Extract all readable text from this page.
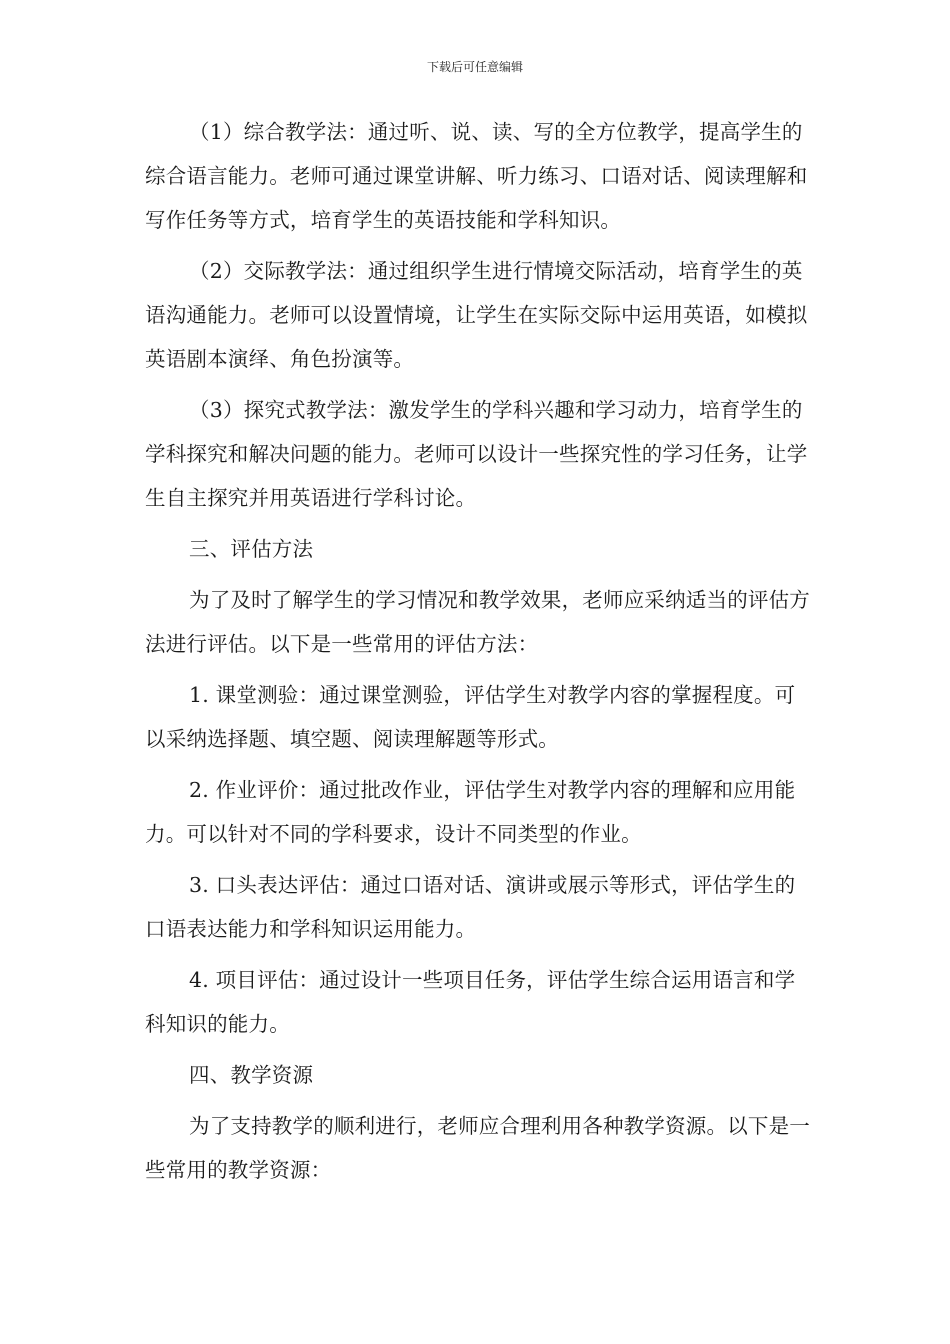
下载后可任意编辑

（1）综合教学法：通过听、说、读、写的全方位教学，提高学生的综合语言能力。老师可通过课堂讲解、听力练习、口语对话、阅读理解和写作任务等方式，培育学生的英语技能和学科知识。

（2）交际教学法：通过组织学生进行情境交际活动，培育学生的英语沟通能力。老师可以设置情境，让学生在实际交际中运用英语，如模拟英语剧本演绎、角色扮演等。

（3）探究式教学法：激发学生的学科兴趣和学习动力，培育学生的学科探究和解决问题的能力。老师可以设计一些探究性的学习任务，让学生自主探究并用英语进行学科讨论。

三、评估方法

为了及时了解学生的学习情况和教学效果，老师应采纳适当的评估方法进行评估。以下是一些常用的评估方法：

1. 课堂测验：通过课堂测验，评估学生对教学内容的掌握程度。可以采纳选择题、填空题、阅读理解题等形式。

2. 作业评价：通过批改作业，评估学生对教学内容的理解和应用能力。可以针对不同的学科要求，设计不同类型的作业。

3. 口头表达评估：通过口语对话、演讲或展示等形式，评估学生的口语表达能力和学科知识运用能力。

4. 项目评估：通过设计一些项目任务，评估学生综合运用语言和学科知识的能力。

四、教学资源

为了支持教学的顺利进行，老师应合理利用各种教学资源。以下是一些常用的教学资源：
